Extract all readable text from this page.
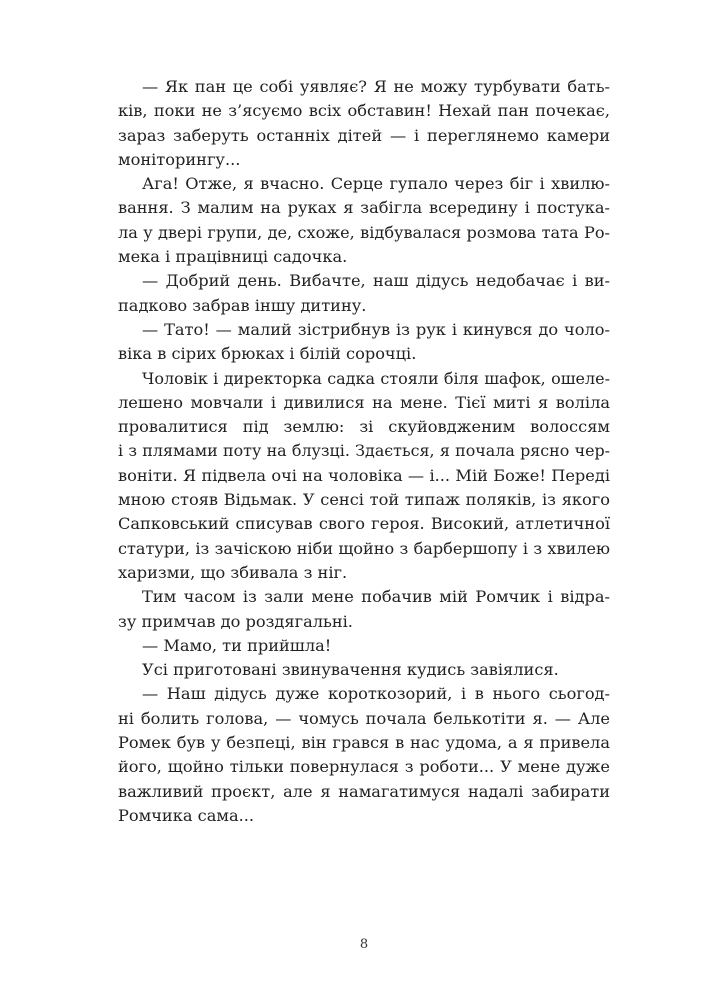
— Як пан це собі уявляє? Я не можу турбувати бать-
ків, поки не з’ясуємо всіх обставин! Нехай пан почекає,
зараз заберуть останніх дітей — і переглянемо камери
моніторингу...
Ага! Отже, я вчасно. Серце гупало через біг і хвилю-
вання. З малим на руках я забігла всередину і постука-
ла у двері групи, де, схоже, відбувалася розмова тата Ро-
мека і працівниці садочка.
— Добрий день. Вибачте, наш дідусь недобачає і ви-
падково забрав іншу дитину.
— Тато! — малий зістрибнув із рук і кинувся до чоло-
віка в сірих брюках і білій сорочці.
Чоловік і директорка садка стояли біля шафок, ошеле-
лешено мовчали і дивилися на мене. Тієї миті я воліла
провалитися під землю: зі скуйовдженим волоссям
і з плямами поту на блузці. Здається, я почала рясно чер-
воніти. Я підвела очі на чоловіка — і... Мій Боже! Переді
мною стояв Відьмак. У сенсі той типаж поляків, із якого
Сапковський списував свого героя. Високий, атлетичної
статури, із зачіскою ніби щойно з барбершопу і з хвилею
харизми, що збивала з ніг.
Тим часом із зали мене побачив мій Ромчик і відра-
зу примчав до роздягальні.
— Мамо, ти прийшла!
Усі приготовані звинувачення кудись завіялися.
— Наш дідусь дуже короткозорий, і в нього сьогод-
ні болить голова, — чомусь почала белькотіти я. — Але
Ромек був у безпеці, він грався в нас удома, а я привела
його, щойно тільки повернулася з роботи... У мене дуже
важливий проєкт, але я намагатимуся надалі забирати
Ромчика сама...
8
